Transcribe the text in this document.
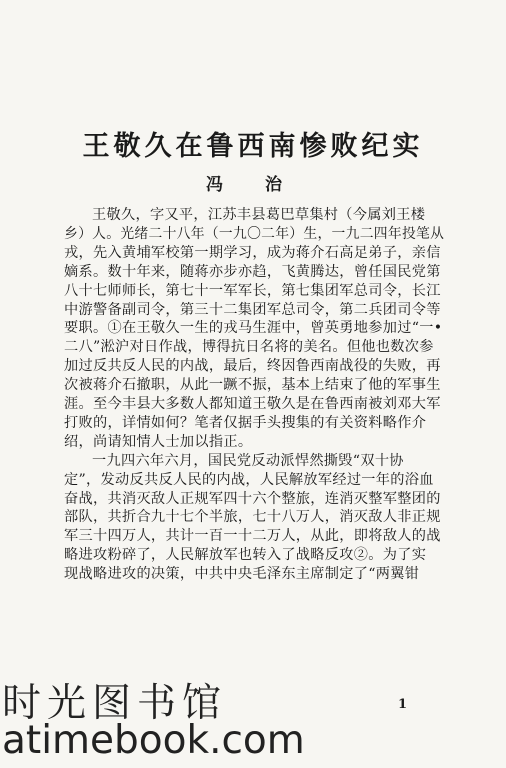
王敬久在鲁西南惨败纪实
冯 治
王敬久，字又平，江苏丰县葛巴草集村（今属刘王楼
乡）人。光绪二十八年（一九〇二年）生，一九二四年投笔从
戎，先入黄埔军校第一期学习，成为蒋介石高足弟子，亲信
嫡系。数十年来，随蒋亦步亦趋，飞黄腾达，曾任国民党第
八十七师师长，第七十一军军长，第七集团军总司令，长江
中游警备副司令，第三十二集团军总司令，第二兵团司令等
要职。①在王敬久一生的戎马生涯中，曾英勇地参加过“一•
二八”淞沪对日作战，博得抗日名将的美名。但他也数次参
加过反共反人民的内战，最后，终因鲁西南战役的失败，再
次被蒋介石撤职，从此一蹶不振，基本上结束了他的军事生
涯。至今丰县大多数人都知道王敬久是在鲁西南被刘邓大军
打败的，详情如何？笔者仅据手头搜集的有关资料略作介
绍，尚请知情人士加以指正。
一九四六年六月，国民党反动派悍然撕毁“双十协
定”，发动反共反人民的内战，人民解放军经过一年的浴血
奋战，共消灭敌人正规军四十六个整旅，连消灭整军整团的
部队，共折合九十七个半旅，七十八万人，消灭敌人非正规
军三十四万人，共计一百一十二万人，从此，即将敌人的战
略进攻粉碎了，人民解放军也转入了战略反攻②。为了实
现战略进攻的决策，中共中央毛泽东主席制定了“两翼钳
1
时光图书馆
atimebook.com
